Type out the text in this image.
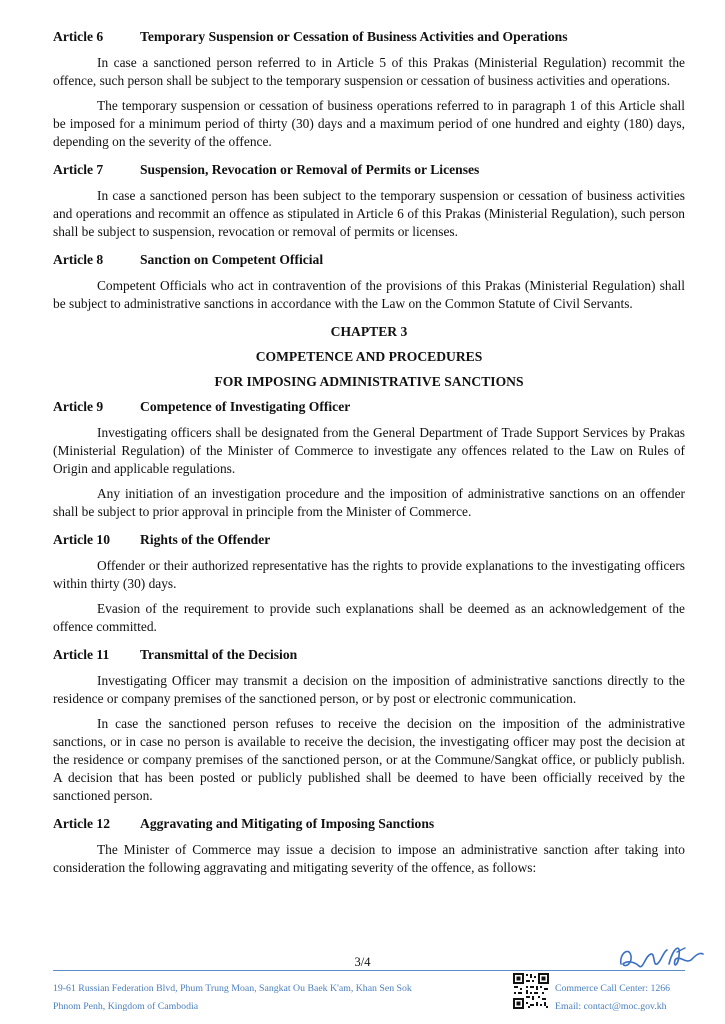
Article 6	Temporary Suspension or Cessation of Business Activities and Operations

In case a sanctioned person referred to in Article 5 of this Prakas (Ministerial Regulation) recommit the offence, such person shall be subject to the temporary suspension or cessation of business activities and operations.

The temporary suspension or cessation of business operations referred to in paragraph 1 of this Article shall be imposed for a minimum period of thirty (30) days and a maximum period of one hundred and eighty (180) days, depending on the severity of the offence.

Article 7	Suspension, Revocation or Removal of Permits or Licenses

In case a sanctioned person has been subject to the temporary suspension or cessation of business activities and operations and recommit an offence as stipulated in Article 6 of this Prakas (Ministerial Regulation), such person shall be subject to suspension, revocation or removal of permits or licenses.

Article 8	Sanction on Competent Official

Competent Officials who act in contravention of the provisions of this Prakas (Ministerial Regulation) shall be subject to administrative sanctions in accordance with the Law on the Common Statute of Civil Servants.

CHAPTER 3
COMPETENCE AND PROCEDURES
FOR IMPOSING ADMINISTRATIVE SANCTIONS
Article 9	Competence of Investigating Officer

Investigating officers shall be designated from the General Department of Trade Support Services by Prakas (Ministerial Regulation) of the Minister of Commerce to investigate any offences related to the Law on Rules of Origin and applicable regulations.

Any initiation of an investigation procedure and the imposition of administrative sanctions on an offender shall be subject to prior approval in principle from the Minister of Commerce.

Article 10	Rights of the Offender

Offender or their authorized representative has the rights to provide explanations to the investigating officers within thirty (30) days.

Evasion of the requirement to provide such explanations shall be deemed as an acknowledgement of the offence committed.

Article 11	Transmittal of the Decision

Investigating Officer may transmit a decision on the imposition of administrative sanctions directly to the residence or company premises of the sanctioned person, or by post or electronic communication.

In case the sanctioned person refuses to receive the decision on the imposition of the administrative sanctions, or in case no person is available to receive the decision, the investigating officer may post the decision at the residence or company premises of the sanctioned person, or at the Commune/Sangkat office, or publicly publish. A decision that has been posted or publicly published shall be deemed to have been officially received by the sanctioned person.

Article 12	Aggravating and Mitigating of Imposing Sanctions

The Minister of Commerce may issue a decision to impose an administrative sanction after taking into consideration the following aggravating and mitigating severity of the offence, as follows:

3/4
19-61 Russian Federation Blvd, Phum Trung Moan, Sangkat Ou Baek K'am, Khan Sen Sok
Phnom Penh, Kingdom of Cambodia
Commerce Call Center: 1266
Email: contact@moc.gov.kh
